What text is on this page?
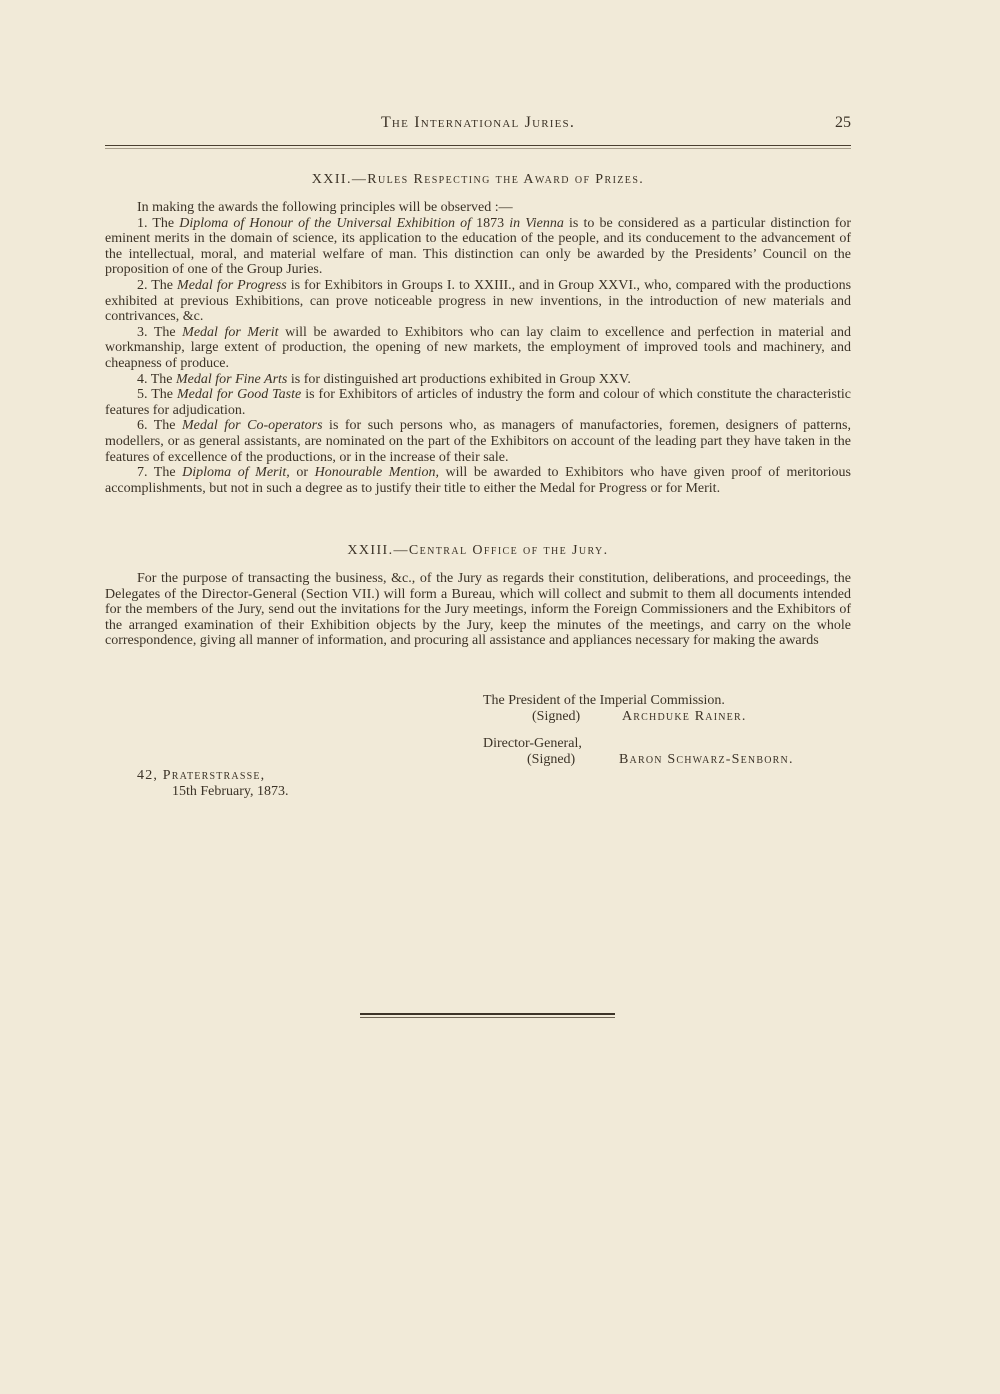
The International Juries.	25
XXII.—Rules Respecting the Award of Prizes.

In making the awards the following principles will be observed :—

1. The Diploma of Honour of the Universal Exhibition of 1873 in Vienna is to be considered as a particular distinction for eminent merits in the domain of science, its application to the education of the people, and its conducement to the advancement of the intellectual, moral, and material welfare of man. This distinction can only be awarded by the Presidents’ Council on the proposition of one of the Group Juries.

2. The Medal for Progress is for Exhibitors in Groups I. to XXIII., and in Group XXVI., who, compared with the productions exhibited at previous Exhibitions, can prove noticeable progress in new inventions, in the introduction of new materials and contrivances, &c.

3. The Medal for Merit will be awarded to Exhibitors who can lay claim to excellence and perfection in material and workmanship, large extent of production, the opening of new markets, the employment of improved tools and machinery, and cheapness of produce.

4. The Medal for Fine Arts is for distinguished art productions exhibited in Group XXV.

5. The Medal for Good Taste is for Exhibitors of articles of industry the form and colour of which constitute the characteristic features for adjudication.

6. The Medal for Co-operators is for such persons who, as managers of manufactories, foremen, designers of patterns, modellers, or as general assistants, are nominated on the part of the Exhibitors on account of the leading part they have taken in the features of excellence of the productions, or in the increase of their sale.

7. The Diploma of Merit, or Honourable Mention, will be awarded to Exhibitors who have given proof of meritorious accomplishments, but not in such a degree as to justify their title to either the Medal for Progress or for Merit.

XXIII.—Central Office of the Jury.

For the purpose of transacting the business, &c., of the Jury as regards their constitution, deliberations, and proceedings, the Delegates of the Director-General (Section VII.) will form a Bureau, which will collect and submit to them all documents intended for the members of the Jury, send out the invitations for the Jury meetings, inform the Foreign Commissioners and the Exhibitors of the arranged examination of their Exhibition objects by the Jury, keep the minutes of the meetings, and carry on the whole correspondence, giving all manner of information, and procuring all assistance and appliances necessary for making the awards

The President of the Imperial Commission.
(Signed)	Archduke Rainer.
Director-General,
(Signed)	Baron Schwarz-Senborn.
42, Praterstrasse,
15th February, 1873.
